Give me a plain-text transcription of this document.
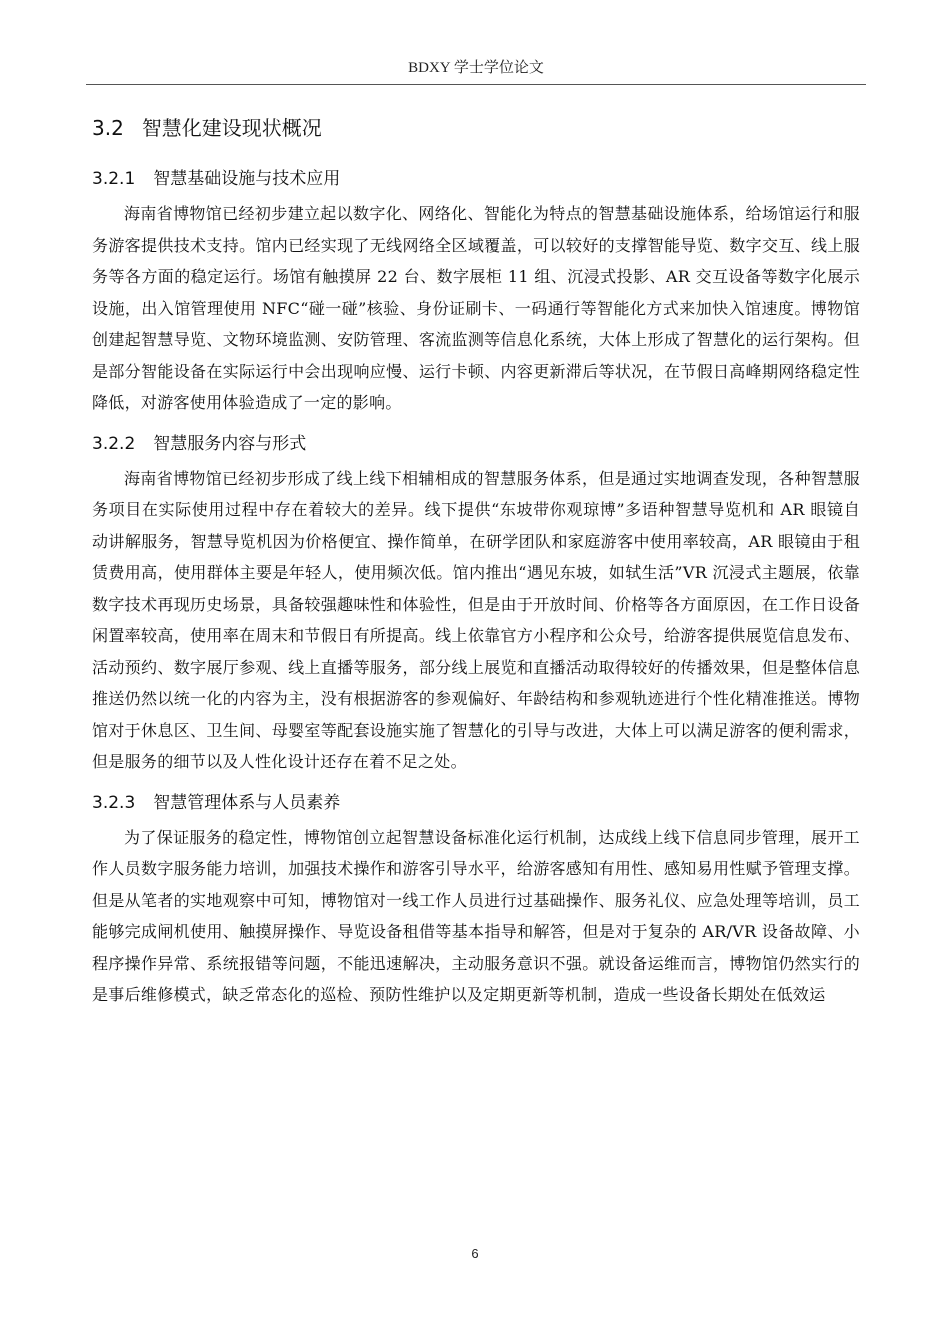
BDXY 学士学位论文
3.2 智慧化建设现状概况
3.2.1 智慧基础设施与技术应用

海南省博物馆已经初步建立起以数字化、网络化、智能化为特点的智慧基础设施体系，给场馆运行和服务游客提供技术支持。馆内已经实现了无线网络全区域覆盖，可以较好的支撑智能导览、数字交互、线上服务等各方面的稳定运行。场馆有触摸屏 22 台、数字展柜 11 组、沉浸式投影、AR 交互设备等数字化展示设施，出入馆管理使用 NFC“碰一碰”核验、身份证刷卡、一码通行等智能化方式来加快入馆速度。博物馆创建起智慧导览、文物环境监测、安防管理、客流监测等信息化系统，大体上形成了智慧化的运行架构。但是部分智能设备在实际运行中会出现响应慢、运行卡顿、内容更新滞后等状况，在节假日高峰期网络稳定性降低，对游客使用体验造成了一定的影响。

3.2.2 智慧服务内容与形式

海南省博物馆已经初步形成了线上线下相辅相成的智慧服务体系，但是通过实地调查发现，各种智慧服务项目在实际使用过程中存在着较大的差异。线下提供“东坡带你观琼博”多语种智慧导览机和 AR 眼镜自动讲解服务，智慧导览机因为价格便宜、操作简单，在研学团队和家庭游客中使用率较高，AR 眼镜由于租赁费用高，使用群体主要是年轻人，使用频次低。馆内推出“遇见东坡，如轼生活”VR 沉浸式主题展，依靠数字技术再现历史场景，具备较强趣味性和体验性，但是由于开放时间、价格等各方面原因，在工作日设备闲置率较高，使用率在周末和节假日有所提高。线上依靠官方小程序和公众号，给游客提供展览信息发布、活动预约、数字展厅参观、线上直播等服务，部分线上展览和直播活动取得较好的传播效果，但是整体信息推送仍然以统一化的内容为主，没有根据游客的参观偏好、年龄结构和参观轨迹进行个性化精准推送。博物馆对于休息区、卫生间、母婴室等配套设施实施了智慧化的引导与改进，大体上可以满足游客的便利需求，但是服务的细节以及人性化设计还存在着不足之处。

3.2.3 智慧管理体系与人员素养

为了保证服务的稳定性，博物馆创立起智慧设备标准化运行机制，达成线上线下信息同步管理，展开工作人员数字服务能力培训，加强技术操作和游客引导水平，给游客感知有用性、感知易用性赋予管理支撑。但是从笔者的实地观察中可知，博物馆对一线工作人员进行过基础操作、服务礼仪、应急处理等培训，员工能够完成闸机使用、触摸屏操作、导览设备租借等基本指导和解答，但是对于复杂的 AR/VR 设备故障、小程序操作异常、系统报错等问题，不能迅速解决，主动服务意识不强。就设备运维而言，博物馆仍然实行的是事后维修模式，缺乏常态化的巡检、预防性维护以及定期更新等机制，造成一些设备长期处在低效运

6
